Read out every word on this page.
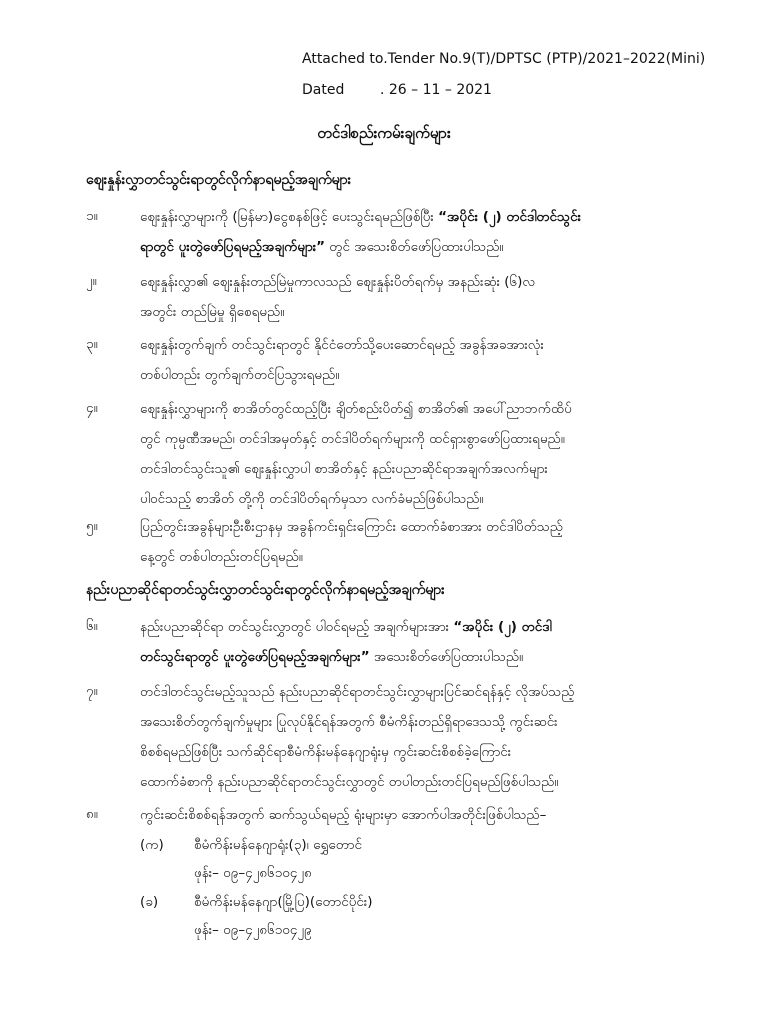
Attached to.Tender No.9(T)/DPTSC (PTP)/2021–2022(Mini)
Dated	. 26 – 11 – 2021
တင်ဒါစည်းကမ်းချက်များ
စျေးနှုန်းလွှာတင်သွင်းရာတွင်လိုက်နာရမည့်အချက်များ
၁။	စျေးနှုန်းလွှာများကို (မြန်မာ)ငွေစနစ်ဖြင့် ပေးသွင်းရမည်ဖြစ်ပြီး “အပိုင်း (၂) တင်ဒါတင်သွင်း
ရာတွင် ပူးတွဲဖော်ပြရမည့်အချက်များ” တွင် အသေးစိတ်ဖော်ပြထားပါသည်။
၂။	စျေးနှုန်းလွှာ၏ စျေးနှုန်းတည်မြဲမှုကာလသည် စျေးနှုန်းပိတ်ရက်မှ အနည်းဆုံး (၆)လ
အတွင်း တည်မြဲမှု ရှိစေရမည်။
၃။	စျေးနှုန်းတွက်ချက် တင်သွင်းရာတွင် နိုင်ငံတော်သို့ပေးဆောင်ရမည့် အခွန်အခအားလုံး
တစ်ပါတည်း တွက်ချက်တင်ပြသွားရမည်။
၄။	စျေးနှုန်းလွှာများကို စာအိတ်တွင်ထည့်ပြီး ချိတ်စည်းပိတ်၍ စာအိတ်၏ အပေါ်ညာဘက်ထိပ်
တွင် ကုမ္ပဏီအမည်၊ တင်ဒါအမှတ်နှင့် တင်ဒါပိတ်ရက်များကို ထင်ရှားစွာဖော်ပြထားရမည်။
တင်ဒါတင်သွင်းသူ၏ စျေးနှုန်းလွှာပါ စာအိတ်နှင့် နည်းပညာဆိုင်ရာအချက်အလက်များ
ပါဝင်သည့် စာအိတ် တို့ကို တင်ဒါပိတ်ရက်မှသာ လက်ခံမည်ဖြစ်ပါသည်။
၅။	ပြည်တွင်းအခွန်များဦးစီးဌာနမှ အခွန်ကင်းရှင်းကြောင်း ထောက်ခံစာအား တင်ဒါပိတ်သည့်
နေ့တွင် တစ်ပါတည်းတင်ပြရမည်။
နည်းပညာဆိုင်ရာတင်သွင်းလွှာတင်သွင်းရာတွင်လိုက်နာရမည့်အချက်များ
၆။	နည်းပညာဆိုင်ရာ တင်သွင်းလွှာတွင် ပါဝင်ရမည့် အချက်များအား “အပိုင်း (၂) တင်ဒါ
တင်သွင်းရာတွင် ပူးတွဲဖော်ပြရမည့်အချက်များ” အသေးစိတ်ဖော်ပြထားပါသည်။
၇။	တင်ဒါတင်သွင်းမည့်သူသည် နည်းပညာဆိုင်ရာတင်သွင်းလွှာများပြင်ဆင်ရန်နှင့် လိုအပ်သည့်
အသေးစိတ်တွက်ချက်မှုများ ပြုလုပ်နိုင်ရန်အတွက် စီမံကိန်းတည်ရှိရာဒေသသို့ ကွင်းဆင်း
စိစစ်ရမည်ဖြစ်ပြီး သက်ဆိုင်ရာစီမံကိန်းမန်နေဂျာရုံးမှ ကွင်းဆင်းစိစစ်ခဲ့ကြောင်း
ထောက်ခံစာကို နည်းပညာဆိုင်ရာတင်သွင်းလွှာတွင် တပါတည်းတင်ပြရမည်ဖြစ်ပါသည်။
၈။	ကွင်းဆင်းစိစစ်ရန်အတွက် ဆက်သွယ်ရမည့် ရုံးများမှာ အောက်ပါအတိုင်းဖြစ်ပါသည်–
(က) စီမံကိန်းမန်နေဂျာရုံး(၃)၊ ရွှေတောင်
ဖုန်း– ၀၉–၄၂၈၆၁၀၄၂၈
(ခ)	စီမံကိန်းမန်နေဂျာ(မြို့ပြ)(တောင်ပိုင်း)
ဖုန်း– ၀၉–၄၂၈၆၁၀၄၂၉
